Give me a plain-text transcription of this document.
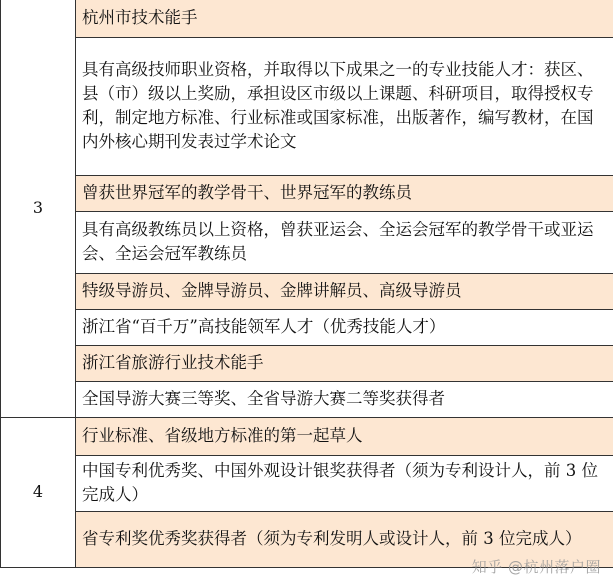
3	杭州市技术能手
	具有高级技师职业资格，并取得以下成果之一的专业技能人才：获区、县（市）级以上奖励，承担设区市级以上课题、科研项目，取得授权专利，制定地方标准、行业标准或国家标准，出版著作，编写教材，在国内外核心期刊发表过学术论文
	曾获世界冠军的教学骨干、世界冠军的教练员
	具有高级教练员以上资格，曾获亚运会、全运会冠军的教学骨干或亚运会、全运会冠军教练员
	特级导游员、金牌导游员、金牌讲解员、高级导游员
	浙江省“百千万”高技能领军人才（优秀技能人才）
	浙江省旅游行业技术能手
	全国导游大赛三等奖、全省导游大赛二等奖获得者
4	行业标准、省级地方标准的第一起草人
	中国专利优秀奖、中国外观设计银奖获得者（须为专利设计人，前 3 位完成人）
	省专利奖优秀奖获得者（须为专利发明人或设计人，前 3 位完成人）
知乎 @杭州落户圈
